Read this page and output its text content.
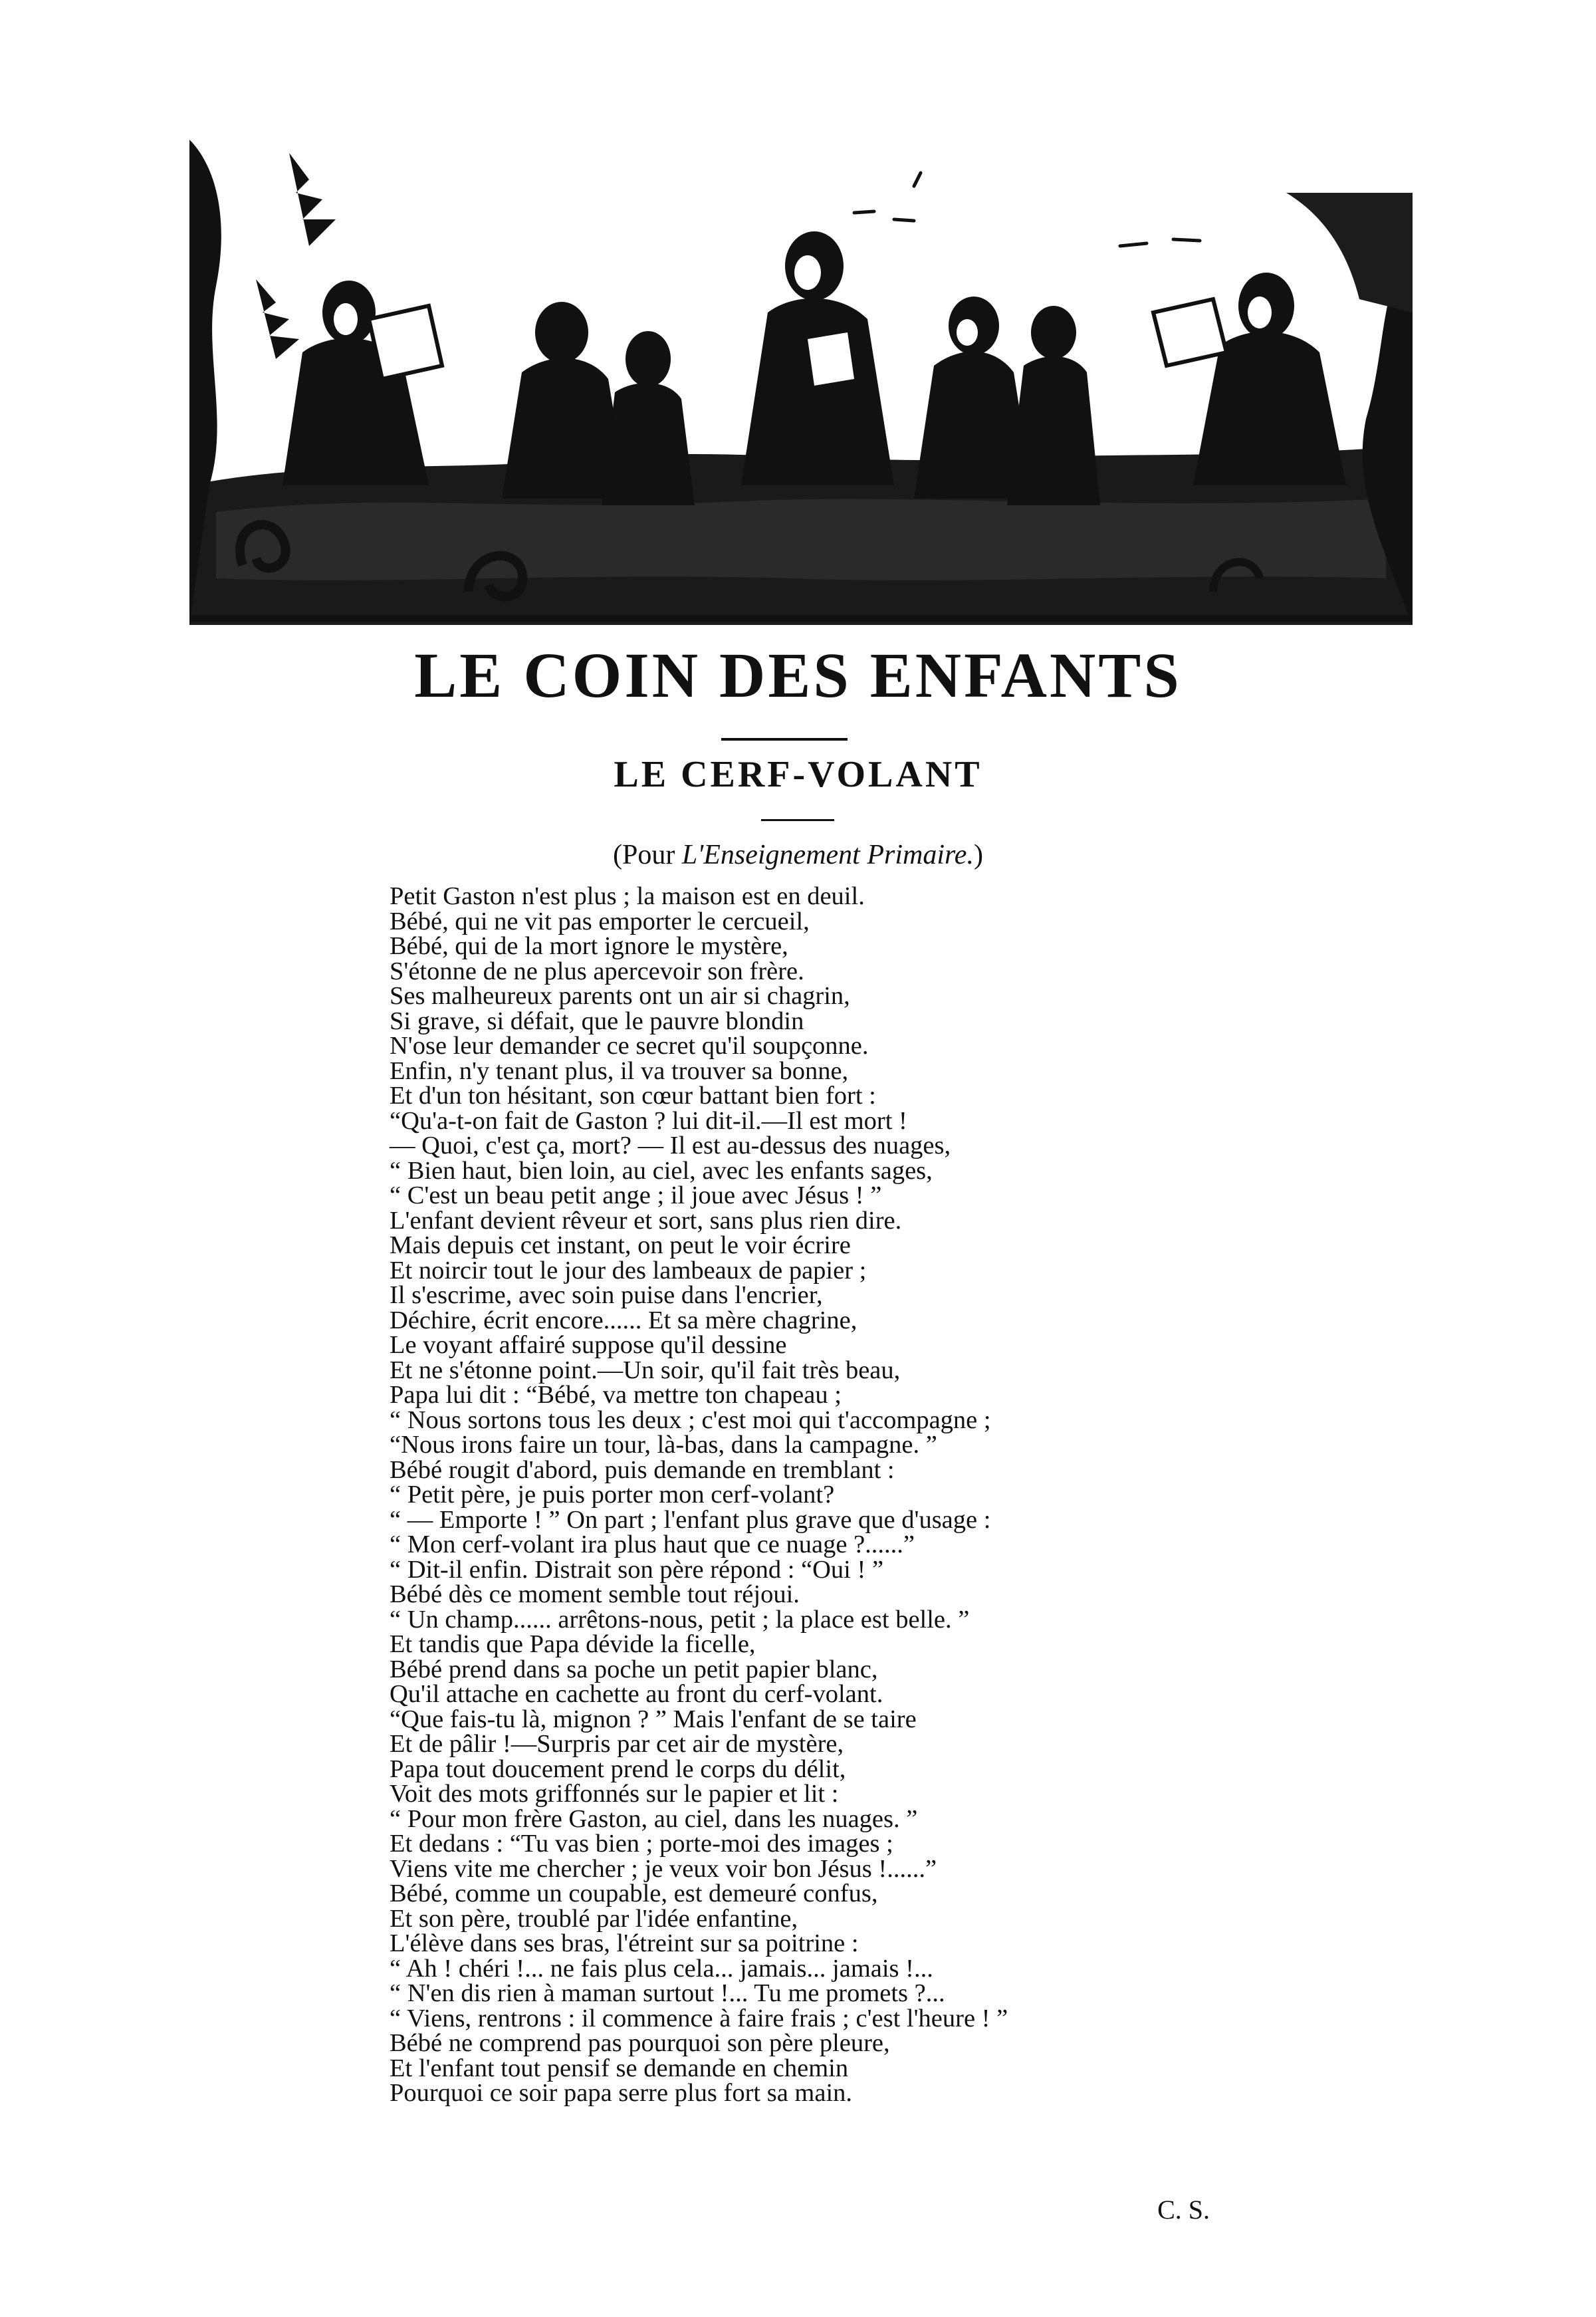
LE COIN DES ENFANTS
LE CERF-VOLANT
(Pour L'Enseignement Primaire.)
Petit Gaston n'est plus ; la maison est en deuil.
Bébé, qui ne vit pas emporter le cercueil,
Bébé, qui de la mort ignore le mystère,
S'étonne de ne plus apercevoir son frère.
Ses malheureux parents ont un air si chagrin,
Si grave, si défait, que le pauvre blondin
N'ose leur demander ce secret qu'il soupçonne.
Enfin, n'y tenant plus, il va trouver sa bonne,
Et d'un ton hésitant, son cœur battant bien fort :
“Qu'a-t-on fait de Gaston ? lui dit-il.—Il est mort !
— Quoi, c'est ça, mort? — Il est au-dessus des nuages,
“ Bien haut, bien loin, au ciel, avec les enfants sages,
“ C'est un beau petit ange ; il joue avec Jésus ! ”
L'enfant devient rêveur et sort, sans plus rien dire.
Mais depuis cet instant, on peut le voir écrire
Et noircir tout le jour des lambeaux de papier ;
Il s'escrime, avec soin puise dans l'encrier,
Déchire, écrit encore...... Et sa mère chagrine,
Le voyant affairé suppose qu'il dessine
Et ne s'étonne point.—Un soir, qu'il fait très beau,
Papa lui dit : “Bébé, va mettre ton chapeau ;
“ Nous sortons tous les deux ; c'est moi qui t'accompagne ;
“Nous irons faire un tour, là-bas, dans la campagne. ”
Bébé rougit d'abord, puis demande en tremblant :
“ Petit père, je puis porter mon cerf-volant?
“ — Emporte ! ” On part ; l'enfant plus grave que d'usage :
“ Mon cerf-volant ira plus haut que ce nuage ?......”
“ Dit-il enfin. Distrait son père répond : “Oui ! ”
Bébé dès ce moment semble tout réjoui.
“ Un champ...... arrêtons-nous, petit ; la place est belle. ”
Et tandis que Papa dévide la ficelle,
Bébé prend dans sa poche un petit papier blanc,
Qu'il attache en cachette au front du cerf-volant.
“Que fais-tu là, mignon ? ” Mais l'enfant de se taire
Et de pâlir !—Surpris par cet air de mystère,
Papa tout doucement prend le corps du délit,
Voit des mots griffonnés sur le papier et lit :
“ Pour mon frère Gaston, au ciel, dans les nuages. ”
Et dedans : “Tu vas bien ; porte-moi des images ;
Viens vite me chercher ; je veux voir bon Jésus !......”
Bébé, comme un coupable, est demeuré confus,
Et son père, troublé par l'idée enfantine,
L'élève dans ses bras, l'étreint sur sa poitrine :
“ Ah ! chéri !... ne fais plus cela... jamais... jamais !...
“ N'en dis rien à maman surtout !... Tu me promets ?...
“ Viens, rentrons : il commence à faire frais ; c'est l'heure ! ”
Bébé ne comprend pas pourquoi son père pleure,
Et l'enfant tout pensif se demande en chemin
Pourquoi ce soir papa serre plus fort sa main.
C. S.
